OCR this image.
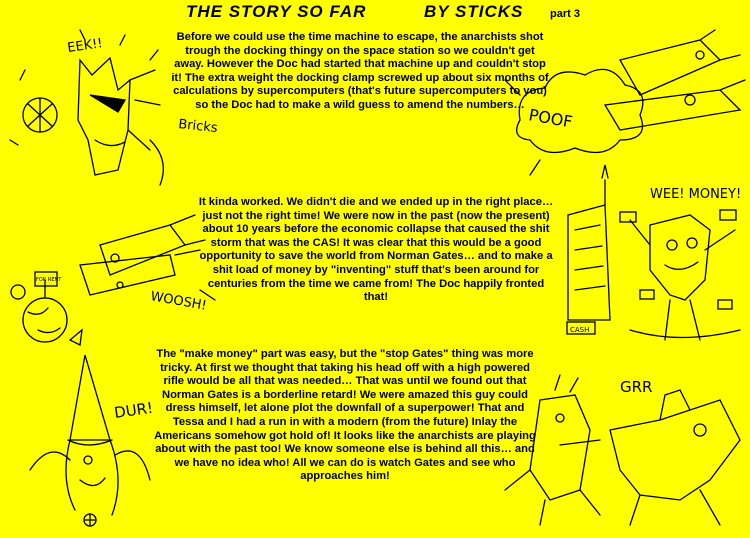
THE STORY SO FAR	BY STICKS part 3
Before we could use the time machine to escape, the anarchists shot trough the docking thingy on the space station so we couldn't get away. However the Doc had started that machine up and couldn't stop it! The extra weight the docking clamp screwed up about six months of calculations by supercomputers (that's future supercomputers to you) so the Doc had to make a wild guess to amend the numbers…
It kinda worked. We didn't die and we ended up in the right place… just not the right time! We were now in the past (now the present) about 10 years before the economic collapse that caused the shit storm that was the CAS! It was clear that this would be a good opportunity to save the world from Norman Gates… and to make a shit load of money by "inventing" stuff that's been around for centuries from the time we came from! The Doc happily fronted that!
The "make money" part was easy, but the "stop Gates" thing was more tricky. At first we thought that taking his head off with a high powered rifle would be all that was needed… That was until we found out that Norman Gates is a borderline retard! We were amazed this guy could dress himself, let alone plot the downfall of a superpower! That and Tessa and I had a run in with a modern (from the future) Inlay the Americans somehow got hold of! It looks like the anarchists are playing about with the past too! We know someone else is behind all this… and we have no idea who! All we can do is watch Gates and see who approaches him!
EEK!!
Bricks	POOF
FOR RENT
WOOSH!
WEE! MONEY!
CASH
DUR!
GRR
